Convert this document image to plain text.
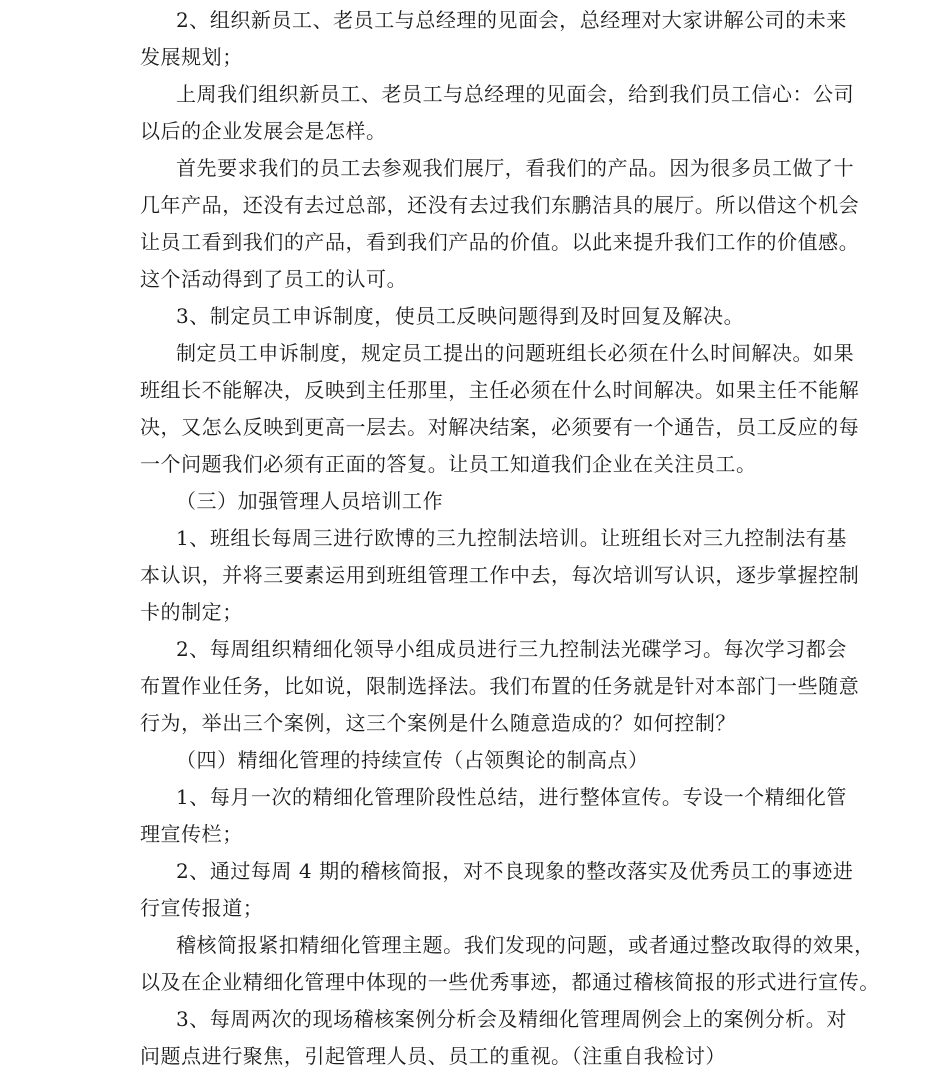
2、组织新员工、老员工与总经理的见面会，总经理对大家讲解公司的未来
发展规划；
上周我们组织新员工、老员工与总经理的见面会，给到我们员工信心：公司
以后的企业发展会是怎样。
首先要求我们的员工去参观我们展厅，看我们的产品。因为很多员工做了十
几年产品，还没有去过总部，还没有去过我们东鹏洁具的展厅。所以借这个机会
让员工看到我们的产品，看到我们产品的价值。以此来提升我们工作的价值感。
这个活动得到了员工的认可。
3、制定员工申诉制度，使员工反映问题得到及时回复及解决。
制定员工申诉制度，规定员工提出的问题班组长必须在什么时间解决。如果
班组长不能解决，反映到主任那里，主任必须在什么时间解决。如果主任不能解
决，又怎么反映到更高一层去。对解决结案，必须要有一个通告，员工反应的每
一个问题我们必须有正面的答复。让员工知道我们企业在关注员工。
（三）加强管理人员培训工作
1、班组长每周三进行欧博的三九控制法培训。让班组长对三九控制法有基
本认识，并将三要素运用到班组管理工作中去，每次培训写认识，逐步掌握控制
卡的制定；
2、每周组织精细化领导小组成员进行三九控制法光碟学习。每次学习都会
布置作业任务，比如说，限制选择法。我们布置的任务就是针对本部门一些随意
行为，举出三个案例，这三个案例是什么随意造成的？如何控制？
（四）精细化管理的持续宣传（占领舆论的制高点）
1、每月一次的精细化管理阶段性总结，进行整体宣传。专设一个精细化管
理宣传栏；
2、通过每周 4 期的稽核简报，对不良现象的整改落实及优秀员工的事迹进
行宣传报道；
稽核简报紧扣精细化管理主题。我们发现的问题，或者通过整改取得的效果，
以及在企业精细化管理中体现的一些优秀事迹，都通过稽核简报的形式进行宣传。
3、每周两次的现场稽核案例分析会及精细化管理周例会上的案例分析。对
问题点进行聚焦，引起管理人员、员工的重视。（注重自我检讨）
